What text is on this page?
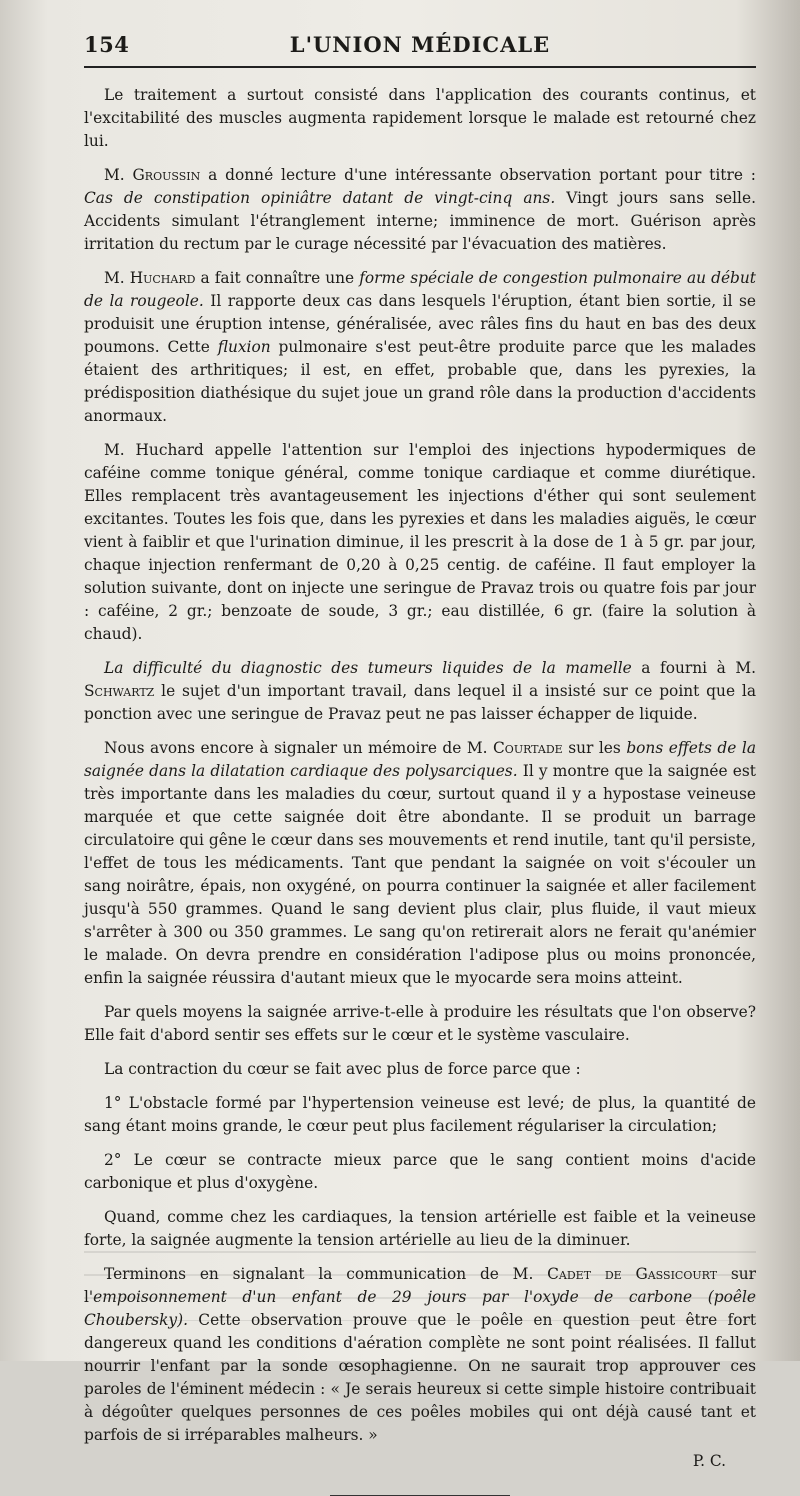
154	L'UNION MÉDICALE

Le traitement a surtout consisté dans l'application des courants continus, et l'excitabilité des muscles augmenta rapidement lorsque le malade est retourné chez lui.

M. Groussin a donné lecture d'une intéressante observation portant pour titre : Cas de constipation opiniâtre datant de vingt-cinq ans. Vingt jours sans selle. Accidents simulant l'étranglement interne; imminence de mort. Guérison après irritation du rectum par le curage nécessité par l'évacuation des matières.

M. Huchard a fait connaître une forme spéciale de congestion pulmonaire au début de la rougeole. Il rapporte deux cas dans lesquels l'éruption, étant bien sortie, il se produisit une éruption intense, généralisée, avec râles fins du haut en bas des deux poumons. Cette fluxion pulmonaire s'est peut-être produite parce que les malades étaient des arthritiques; il est, en effet, probable que, dans les pyrexies, la prédisposition diathésique du sujet joue un grand rôle dans la production d'accidents anormaux.

M. Huchard appelle l'attention sur l'emploi des injections hypodermiques de caféine comme tonique général, comme tonique cardiaque et comme diurétique. Elles remplacent très avantageusement les injections d'éther qui sont seulement excitantes. Toutes les fois que, dans les pyrexies et dans les maladies aiguës, le cœur vient à faiblir et que l'urination diminue, il les prescrit à la dose de 1 à 5 gr. par jour, chaque injection renfermant de 0,20 à 0,25 centig. de caféine. Il faut employer la solution suivante, dont on injecte une seringue de Pravaz trois ou quatre fois par jour : caféine, 2 gr.; benzoate de soude, 3 gr.; eau distillée, 6 gr. (faire la solution à chaud).

La difficulté du diagnostic des tumeurs liquides de la mamelle a fourni à M. Schwartz le sujet d'un important travail, dans lequel il a insisté sur ce point que la ponction avec une seringue de Pravaz peut ne pas laisser échapper de liquide.

Nous avons encore à signaler un mémoire de M. Courtade sur les bons effets de la saignée dans la dilatation cardiaque des polysarciques. Il y montre que la saignée est très importante dans les maladies du cœur, surtout quand il y a hypostase veineuse marquée et que cette saignée doit être abondante. Il se produit un barrage circulatoire qui gêne le cœur dans ses mouvements et rend inutile, tant qu'il persiste, l'effet de tous les médicaments. Tant que pendant la saignée on voit s'écouler un sang noirâtre, épais, non oxygéné, on pourra continuer la saignée et aller facilement jusqu'à 550 grammes. Quand le sang devient plus clair, plus fluide, il vaut mieux s'arrêter à 300 ou 350 grammes. Le sang qu'on retirerait alors ne ferait qu'anémier le malade. On devra prendre en considération l'adipose plus ou moins prononcée, enfin la saignée réussira d'autant mieux que le myocarde sera moins atteint.

Par quels moyens la saignée arrive-t-elle à produire les résultats que l'on observe? Elle fait d'abord sentir ses effets sur le cœur et le système vasculaire.

La contraction du cœur se fait avec plus de force parce que :

1° L'obstacle formé par l'hypertension veineuse est levé; de plus, la quantité de sang étant moins grande, le cœur peut plus facilement régulariser la circulation;

2° Le cœur se contracte mieux parce que le sang contient moins d'acide carbonique et plus d'oxygène.

Quand, comme chez les cardiaques, la tension artérielle est faible et la veineuse forte, la saignée augmente la tension artérielle au lieu de la diminuer.

Terminons en signalant la communication de M. Cadet de Gassicourt sur l'empoisonnement d'un enfant de 29 jours par l'oxyde de carbone (poêle Choubersky). Cette observation prouve que le poêle en question peut être fort dangereux quand les conditions d'aération complète ne sont point réalisées. Il fallut nourrir l'enfant par la sonde œsophagienne. On ne saurait trop approuver ces paroles de l'éminent médecin : « Je serais heureux si cette simple histoire contribuait à dégoûter quelques personnes de ces poêles mobiles qui ont déjà causé tant et parfois de si irréparables malheurs. »

P. C.
